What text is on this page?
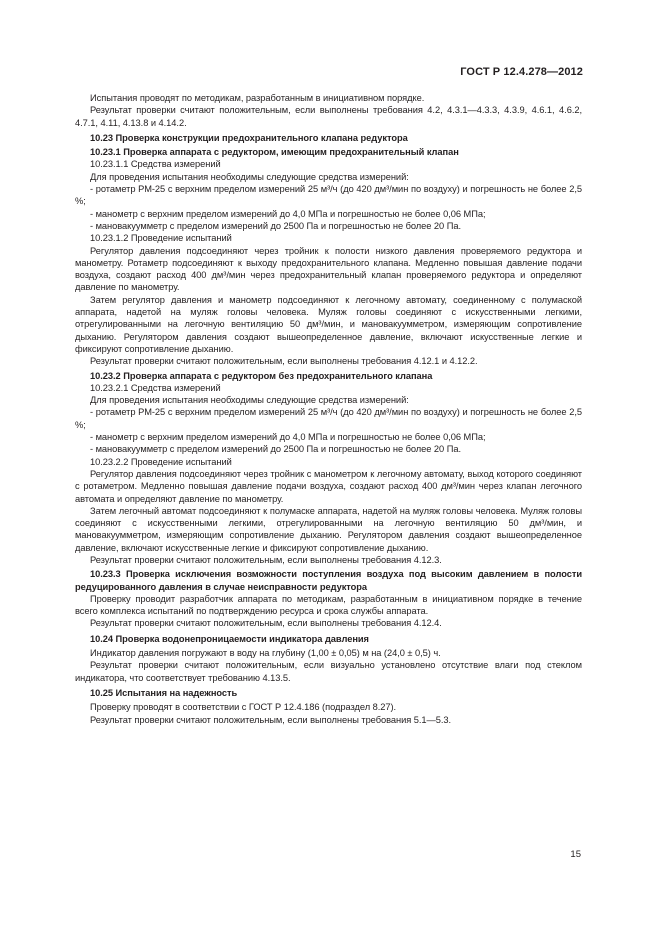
ГОСТ Р 12.4.278—2012

Испытания проводят по методикам, разработанным в инициативном порядке.

Результат проверки считают положительным, если выполнены требования 4.2, 4.3.1—4.3.3, 4.3.9, 4.6.1, 4.6.2, 4.7.1, 4.11, 4.13.8 и 4.14.2.

10.23 Проверка конструкции предохранительного клапана редуктора
10.23.1 Проверка аппарата с редуктором, имеющим предохранительный клапан

10.23.1.1 Средства измерений

Для проведения испытания необходимы следующие средства измерений:

- ротаметр РМ-25 с верхним пределом измерений 25 м³/ч (до 420 дм³/мин по воздуху) и погрешность не более 2,5 %;

- манометр с верхним пределом измерений до 4,0 МПа и погрешностью не более 0,06 МПа;

- мановакуумметр с пределом измерений до 2500 Па и погрешностью не более 20 Па.

10.23.1.2 Проведение испытаний

Регулятор давления подсоединяют через тройник к полости низкого давления проверяемого редуктора и манометру. Ротаметр подсоединяют к выходу предохранительного клапана. Медленно повышая давление подачи воздуха, создают расход 400 дм³/мин через предохранительный клапан проверяемого редуктора и определяют давление по манометру.

Затем регулятор давления и манометр подсоединяют к легочному автомату, соединенному с полумаской аппарата, надетой на муляж головы человека. Муляж головы соединяют с искусственными легкими, отрегулированными на легочную вентиляцию 50 дм³/мин, и мановакуумметром, измеряющим сопротивление дыханию. Регулятором давления создают вышеопределенное давление, включают искусственные легкие и фиксируют сопротивление дыханию.

Результат проверки считают положительным, если выполнены требования 4.12.1 и 4.12.2.

10.23.2 Проверка аппарата с редуктором без предохранительного клапана

10.23.2.1 Средства измерений

Для проведения испытания необходимы следующие средства измерений:

- ротаметр РМ-25 с верхним пределом измерений 25 м³/ч (до 420 дм³/мин по воздуху) и погрешность не более 2,5 %;

- манометр с верхним пределом измерений до 4,0 МПа и погрешностью не более 0,06 МПа;

- мановакуумметр с пределом измерений до 2500 Па и погрешностью не более 20 Па.

10.23.2.2 Проведение испытаний

Регулятор давления подсоединяют через тройник с манометром к легочному автомату, выход которого соединяют с ротаметром. Медленно повышая давление подачи воздуха, создают расход 400 дм³/мин через клапан легочного автомата и определяют давление по манометру.

Затем легочный автомат подсоединяют к полумаске аппарата, надетой на муляж головы человека. Муляж головы соединяют с искусственными легкими, отрегулированными на легочную вентиляцию 50 дм³/мин, и мановакуумметром, измеряющим сопротивление дыханию. Регулятором давления создают вышеопределенное давление, включают искусственные легкие и фиксируют сопротивление дыханию.

Результат проверки считают положительным, если выполнены требования 4.12.3.

10.23.3 Проверка исключения возможности поступления воздуха под высоким давлением в полости редуцированного давления в случае неисправности редуктора

Проверку проводит разработчик аппарата по методикам, разработанным в инициативном порядке в течение всего комплекса испытаний по подтверждению ресурса и срока службы аппарата.

Результат проверки считают положительным, если выполнены требования 4.12.4.

10.24 Проверка водонепроницаемости индикатора давления

Индикатор давления погружают в воду на глубину (1,00 ± 0,05) м на (24,0 ± 0,5) ч.

Результат проверки считают положительным, если визуально установлено отсутствие влаги под стеклом индикатора, что соответствует требованию 4.13.5.

10.25 Испытания на надежность

Проверку проводят в соответствии с ГОСТ Р 12.4.186 (подраздел 8.27).

Результат проверки считают положительным, если выполнены требования 5.1—5.3.

15
